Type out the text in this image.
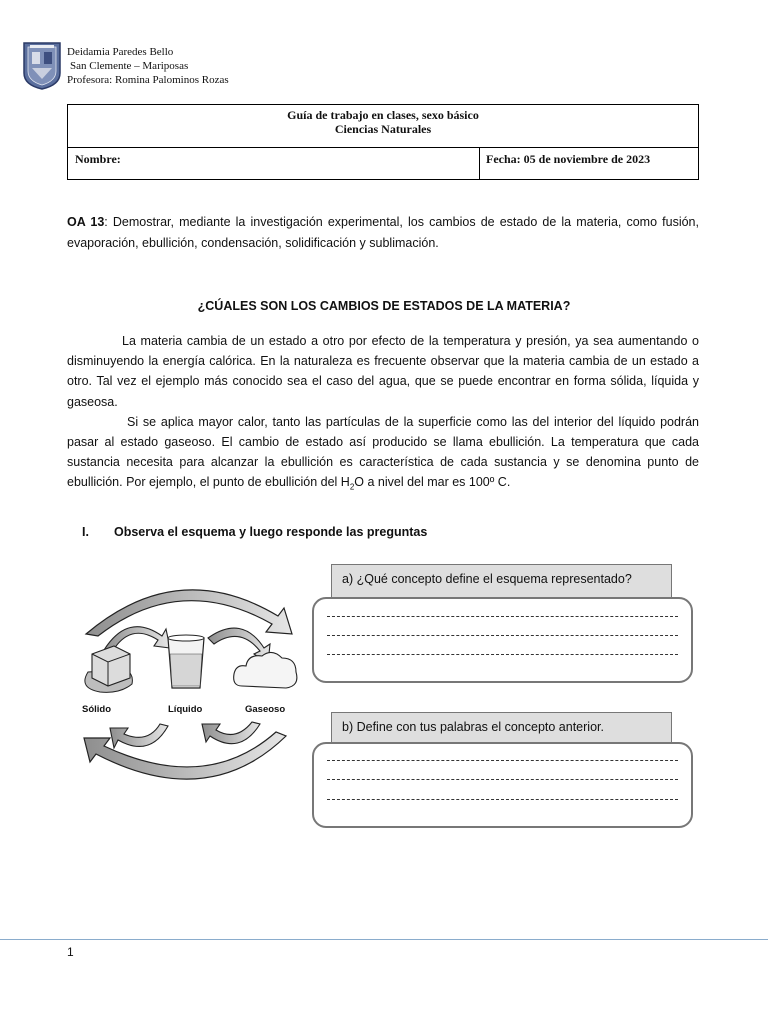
Deidamia Paredes Bello
San Clemente – Mariposas
Profesora: Romina Palominos Rozas
Guía de trabajo en clases, sexo básico
Ciencias Naturales
Nombre:	Fecha: 05 de noviembre de 2023
OA 13: Demostrar, mediante la investigación experimental, los cambios de estado de la materia, como fusión, evaporación, ebullición, condensación, solidificación y sublimación.
¿CÚALES SON LOS CAMBIOS DE ESTADOS DE LA MATERIA?

La materia cambia de un estado a otro por efecto de la temperatura y presión, ya sea aumentando o disminuyendo la energía calórica. En la naturaleza es frecuente observar que la materia cambia de un estado a otro. Tal vez el ejemplo más conocido sea el caso del agua, que se puede encontrar en forma sólida, líquida y gaseosa.

Si se aplica mayor calor, tanto las partículas de la superficie como las del interior del líquido podrán pasar al estado gaseoso. El cambio de estado así producido se llama ebullición. La temperatura que cada sustancia necesita para alcanzar la ebullición es característica de cada sustancia y se denomina punto de ebullición. Por ejemplo, el punto de ebullición del $H_2O$ a nivel del mar es 100º C.

I. Observa el esquema y luego responde las preguntas
Sólido	Líquido	Gaseoso
a) ¿Qué concepto define el esquema representado?
b) Define con tus palabras el concepto anterior.
1
